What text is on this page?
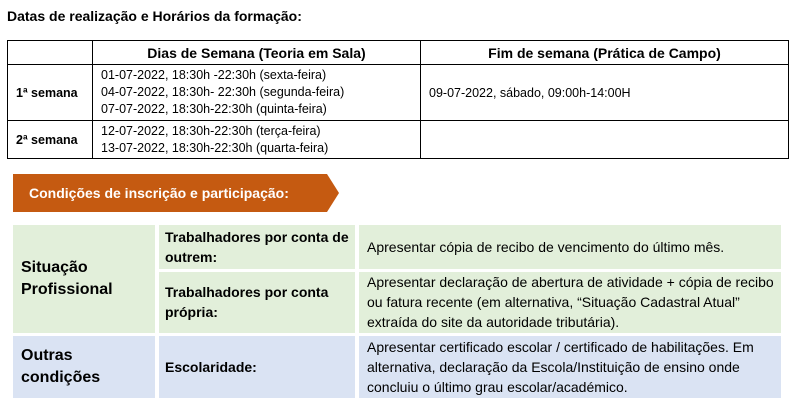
Datas de realização e Horários da formação:
	Dias de Semana (Teoria em Sala)	Fim de semana (Prática de Campo)
1ª semana	01-07-2022, 18:30h -22:30h (sexta-feira)
04-07-2022, 18:30h- 22:30h (segunda-feira)
07-07-2022, 18:30h-22:30h (quinta-feira)	09-07-2022, sábado, 09:00h-14:00H
2ª semana	12-07-2022, 18:30h-22:30h (terça-feira)
13-07-2022, 18:30h-22:30h (quarta-feira)	

Condições de inscrição e participação:
Situação Profissional	Trabalhadores por conta de outrem:	Apresentar cópia de recibo de vencimento do último mês.
	Trabalhadores por conta própria:	Apresentar declaração de abertura de atividade + cópia de recibo ou fatura recente (em alternativa, “Situação Cadastral Atual” extraída do site da autoridade tributária).
Outras condições	Escolaridade:	Apresentar certificado escolar / certificado de habilitações. Em alternativa, declaração da Escola/Instituição de ensino onde concluiu o último grau escolar/académico.
